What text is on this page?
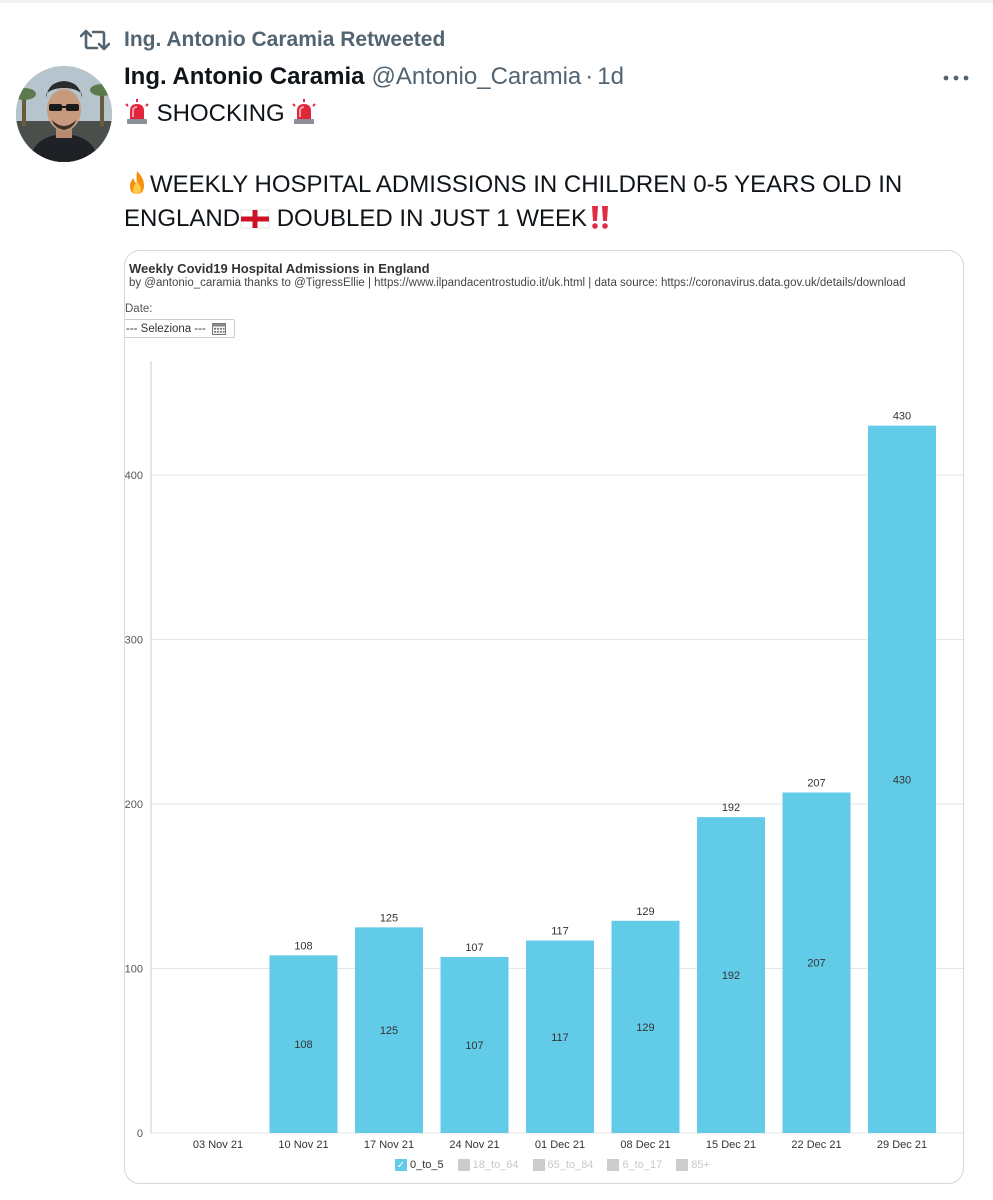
Ing. Antonio Caramia Retweeted
Ing. Antonio Caramia @Antonio_Caramia · 1d
SHOCKING
WEEKLY HOSPITAL ADMISSIONS IN CHILDREN 0-5 YEARS OLD IN
ENGLAND DOUBLED IN JUST 1 WEEK
Weekly Covid19 Hospital Admissions in England
by @antonio_caramia thanks to @TigressEllie | https://www.ilpandacentrostudio.it/uk.html | data source: https://coronavirus.data.gov.uk/details/download
Date:
--- Seleziona ---
0
100
200
300
400
03 Nov 21
108
108
10 Nov 21
125
125
17 Nov 21
107
107
24 Nov 21
117
117
01 Dec 21
129
129
08 Dec 21
192
192
15 Dec 21
207
207
22 Dec 21
430
430
29 Dec 21
✓ 0_to_5	18_to_64	65_to_84	6_to_17	85+
